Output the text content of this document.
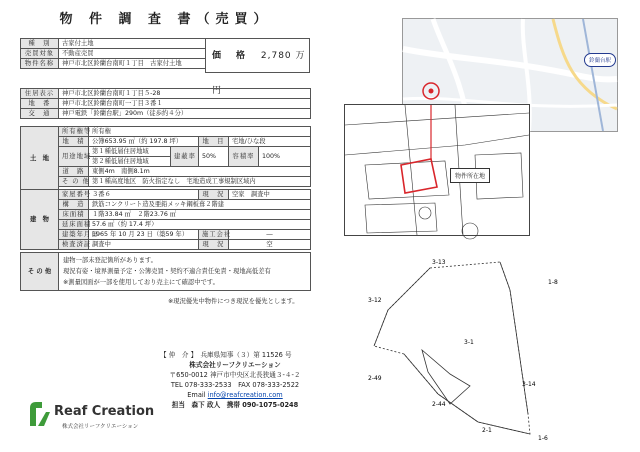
物 件 調 査 書（売買）
種　別	古家付土地	
売買対象	不動産売買	
物件名称	神戸市北区鈴蘭台南町１丁目　古家付土地	
価　格 2,780 万円
住居表示	神戸市北区鈴蘭台南町１丁目５-28
地　番	神戸市北区鈴蘭台南町一丁目３番１
交　通	神戸電鉄「鈴蘭台駅」290m（徒歩約４分）
土　地	所有権等	所有権				
	地　積	公簿653.95 ㎡（約 197.8 坪）		地　目	宅地/ひな段	
	用途地域	第１種低層住居地域	建蔽率	50%	容積率	100%
		第２種低層住居地域				
	道　路	東側4m　南側8.1m				
	そ の 他	第１種高度地区　防火指定なし　宅地造成工事規制区域内				

建　物	家屋番号	３番６		現　況	空家　調査中	
	構　造	鉄筋コンクリート造及亜鉛メッキ鋼板葺２階建				
	床面積	１階33.84 ㎡　２階23.76 ㎡				
	延床面積	57.6 ㎡（約 17.4 坪）				
	建築年月日	1965 年 10 月 23 日（築59 年）		施工会社	―	
	検査済証	調査中		現　況	空	

そ の 他	建物一部未登記箇所があります。
現況有姿・境界測量予定・公簿売買・契約不適合責任免責・現地高低差有
※測量図面が一部を使用しており売主にて確認中です。					
※現況優先中物件につき現況を優先とします。
【 仲　介 】　兵庫県知事（３）第 11526 号
株式会社リーフクリエーション
〒650-0012 神戸市中央区北長狭通３-４-２
TEL 078-333-2533　FAX 078-333-2522
Email info@reafcreation.com
担当　森下 政人　携帯 090-1075-0248
Reaf Creation
株式会社リーフクリエーション
鈴蘭台駅
物件所在地
3-13
1-8
3-12
3-1
2-49
3-14
2-44
2-1
1-6
